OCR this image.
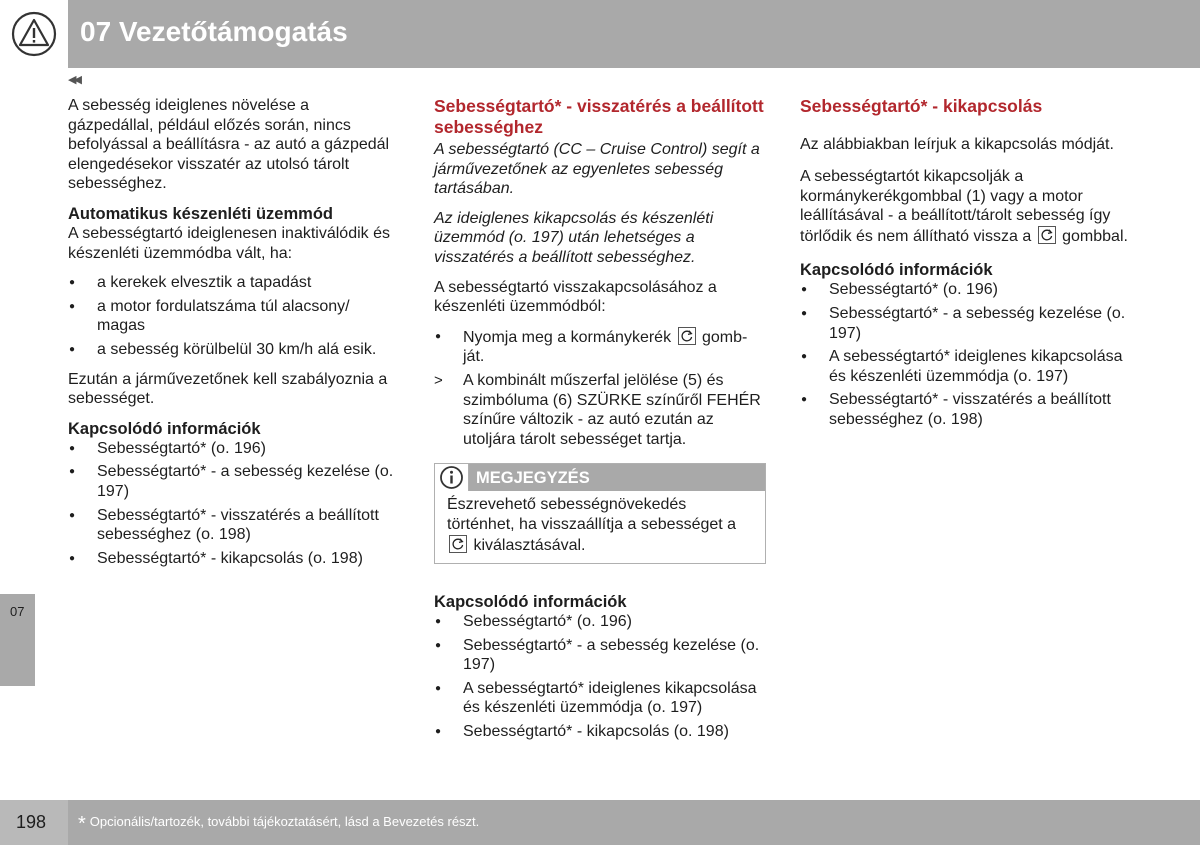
07 Vezetőtámogatás
◀◀

A sebesség ideiglenes növelése a gázpedállal, például előzés során, nincs befolyással a beállításra - az autó a gázpedál elengedésekor visszatér az utolsó tárolt sebességhez.

Automatikus készenléti üzemmód

A sebességtartó ideiglenesen inaktiválódik és készenléti üzemmódba vált, ha:

● a kerekek elvesztik a tapadást
● a motor fordulatszáma túl alacsony/ magas
● a sebesség körülbelül 30 km/h alá esik.

Ezután a járművezetőnek kell szabályoznia a sebességet.

Kapcsolódó információk
● Sebességtartó* (o. 196)
● Sebességtartó* - a sebesség kezelése (o. 197)
● Sebességtartó* - visszatérés a beállított sebességhez (o. 198)
● Sebességtartó* - kikapcsolás (o. 198)
Sebességtartó* - visszatérés a beállított sebességhez

A sebességtartó (CC – Cruise Control) segít a járművezetőnek az egyenletes sebesség tartásában.

Az ideiglenes kikapcsolás és készenléti üzemmód (o. 197) után lehetséges a visszatérés a beállított sebességhez.

A sebességtartó visszakapcsolásához a készenléti üzemmódból:

● Nyomja meg a kormánykerék gomb-ját.
> A kombinált műszerfal jelölése (5) és szimbóluma (6) SZÜRKE színűről FEHÉR színűre változik - az autó ezután az utoljára tárolt sebességet tartja.
MEGJEGYZÉS
Észrevehető sebességnövekedés történhet, ha visszaállítja a sebességet a
kiválasztásával.
Kapcsolódó információk
● Sebességtartó* (o. 196)
● Sebességtartó* - a sebesség kezelése (o. 197)
● A sebességtartó* ideiglenes kikapcsolása és készenléti üzemmódja (o. 197)
● Sebességtartó* - kikapcsolás (o. 198)
Sebességtartó* - kikapcsolás

Az alábbiakban leírjuk a kikapcsolás módját.

A sebességtartót kikapcsolják a kormánykerékgombbal (1) vagy a motor leállításával - a beállított/tárolt sebesség így törlődik és nem állítható vissza a gombbal.

Kapcsolódó információk
● Sebességtartó* (o. 196)
● Sebességtartó* - a sebesség kezelése (o. 197)
● A sebességtartó* ideiglenes kikapcsolása és készenléti üzemmódja (o. 197)
● Sebességtartó* - visszatérés a beállított sebességhez (o. 198)
07
198 * Opcionális/tartozék, további tájékoztatásért, lásd a Bevezetés részt.
